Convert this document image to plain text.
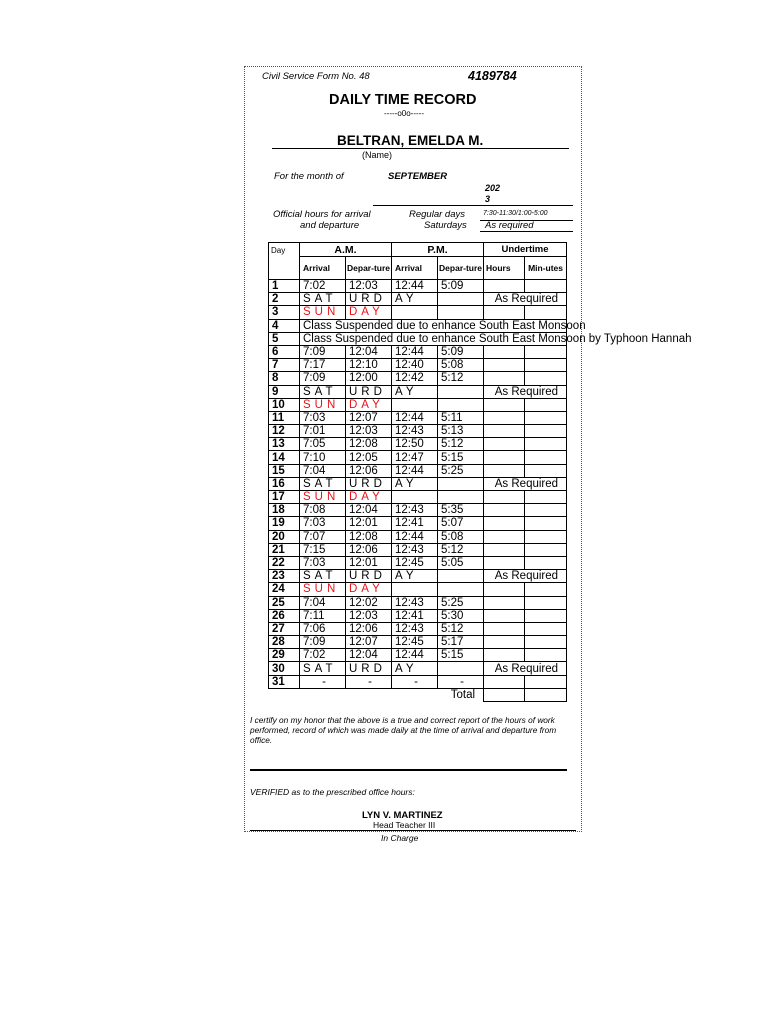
Civil Service Form No. 48	4189784
DAILY TIME RECORD
-----o0o-----
BELTRAN, EMELDA M.
(Name)
For the month of	SEPTEMBER
202
3
Official hours for arrival
and departure
Regular days	7:30-11:30/1:00-5:00
Saturdays As required
Day	A.M.		P.M.		Undertime	
	Arrival	Depar-ture	Arrival	Depar-ture	Hours	Min-utes
1	7:02	12:03	12:44	5:09		
2	SAT	URD	AY		As Required	
3	SUN	DAY				
4	Class Suspended due to enhance South East Monsoon					
5	Class Suspended due to enhance South East Monsoon by Typhoon Hannah					
6	7:09	12:04	12:44	5:09		
7	7:17	12:10	12:40	5:08		
8	7:09	12:00	12:42	5:12		
9	SAT	URD	AY		As Required	
10	SUN	DAY				
11	7:03	12:07	12:44	5:11		
12	7:01	12:03	12:43	5:13		
13	7:05	12:08	12:50	5:12		
14	7:10	12:05	12:47	5:15		
15	7:04	12:06	12:44	5:25		
16	SAT	URD	AY		As Required	
17	SUN	DAY				
18	7:08	12:04	12:43	5:35		
19	7:03	12:01	12:41	5:07		
20	7:07	12:08	12:44	5:08		
21	7:15	12:06	12:43	5:12		
22	7:03	12:01	12:45	5:05		
23	SAT	URD	AY		As Required	
24	SUN	DAY				
25	7:04	12:02	12:43	5:25		
26	7:11	12:03	12:41	5:30		
27	7:06	12:06	12:43	5:12		
28	7:09	12:07	12:45	5:17		
29	7:02	12:04	12:44	5:15		
30	SAT	URD	AY		As Required	
31	-	-	-	-		
Total						
I certify on my honor that the above is a true and correct report of the hours of work performed, record of which was made daily at the time of arrival and departure from office.
VERIFIED as to the prescribed office hours:
LYN V. MARTINEZ
Head Teacher III
In Charge
